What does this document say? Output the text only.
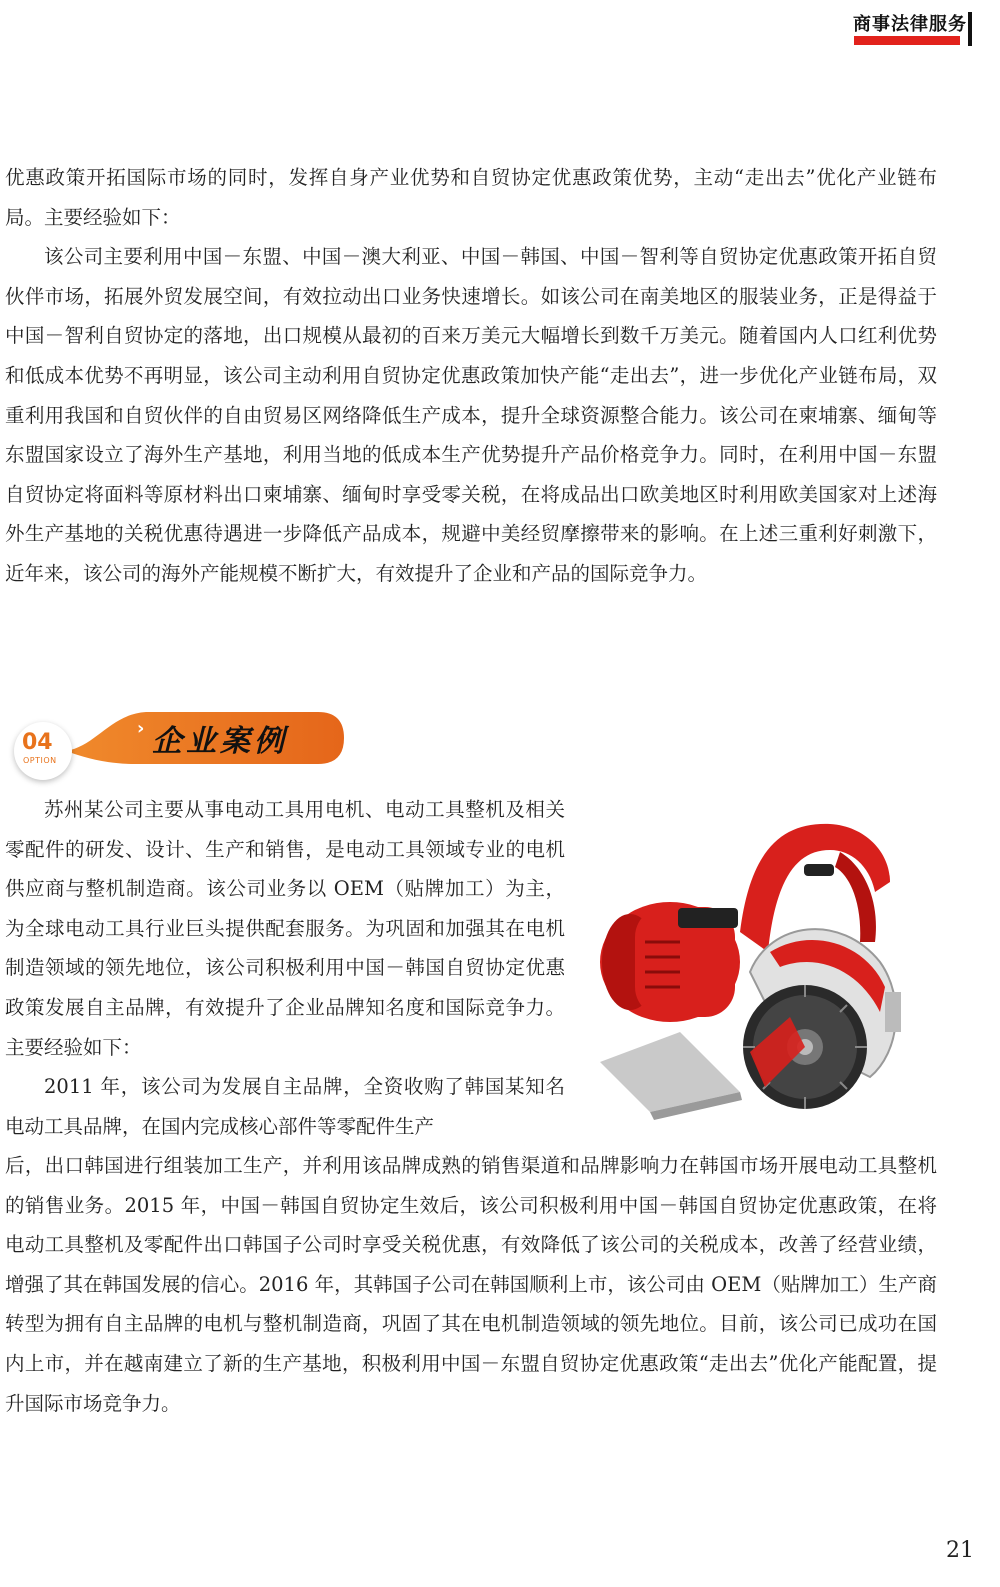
商事法律服务

优惠政策开拓国际市场的同时，发挥自身产业优势和自贸协定优惠政策优势，主动“走出去”优化产业链布局。主要经验如下：

该公司主要利用中国－东盟、中国－澳大利亚、中国－韩国、中国－智利等自贸协定优惠政策开拓自贸伙伴市场，拓展外贸发展空间，有效拉动出口业务快速增长。如该公司在南美地区的服装业务，正是得益于中国－智利自贸协定的落地，出口规模从最初的百来万美元大幅增长到数千万美元。随着国内人口红利优势和低成本优势不再明显，该公司主动利用自贸协定优惠政策加快产能“走出去”，进一步优化产业链布局，双重利用我国和自贸伙伴的自由贸易区网络降低生产成本，提升全球资源整合能力。该公司在柬埔寨、缅甸等东盟国家设立了海外生产基地，利用当地的低成本生产优势提升产品价格竞争力。同时，在利用中国－东盟自贸协定将面料等原材料出口柬埔寨、缅甸时享受零关税，在将成品出口欧美地区时利用欧美国家对上述海外生产基地的关税优惠待遇进一步降低产品成本，规避中美经贸摩擦带来的影响。在上述三重利好刺激下，近年来，该公司的海外产能规模不断扩大，有效提升了企业和产品的国际竞争力。

04
OPTION
› 企业案例

苏州某公司主要从事电动工具用电机、电动工具整机及相关零配件的研发、设计、生产和销售，是电动工具领域专业的电机供应商与整机制造商。该公司业务以 OEM（贴牌加工）为主，为全球电动工具行业巨头提供配套服务。为巩固和加强其在电机制造领域的领先地位，该公司积极利用中国－韩国自贸协定优惠政策发展自主品牌，有效提升了企业品牌知名度和国际竞争力。主要经验如下：

2011 年，该公司为发展自主品牌，全资收购了韩国某知名电动工具品牌，在国内完成核心部件等零配件生产

后，出口韩国进行组装加工生产，并利用该品牌成熟的销售渠道和品牌影响力在韩国市场开展电动工具整机的销售业务。2015 年，中国－韩国自贸协定生效后，该公司积极利用中国－韩国自贸协定优惠政策，在将电动工具整机及零配件出口韩国子公司时享受关税优惠，有效降低了该公司的关税成本，改善了经营业绩，增强了其在韩国发展的信心。2016 年，其韩国子公司在韩国顺利上市，该公司由 OEM（贴牌加工）生产商转型为拥有自主品牌的电机与整机制造商，巩固了其在电机制造领域的领先地位。目前，该公司已成功在国内上市，并在越南建立了新的生产基地，积极利用中国－东盟自贸协定优惠政策“走出去”优化产能配置，提升国际市场竞争力。

21
